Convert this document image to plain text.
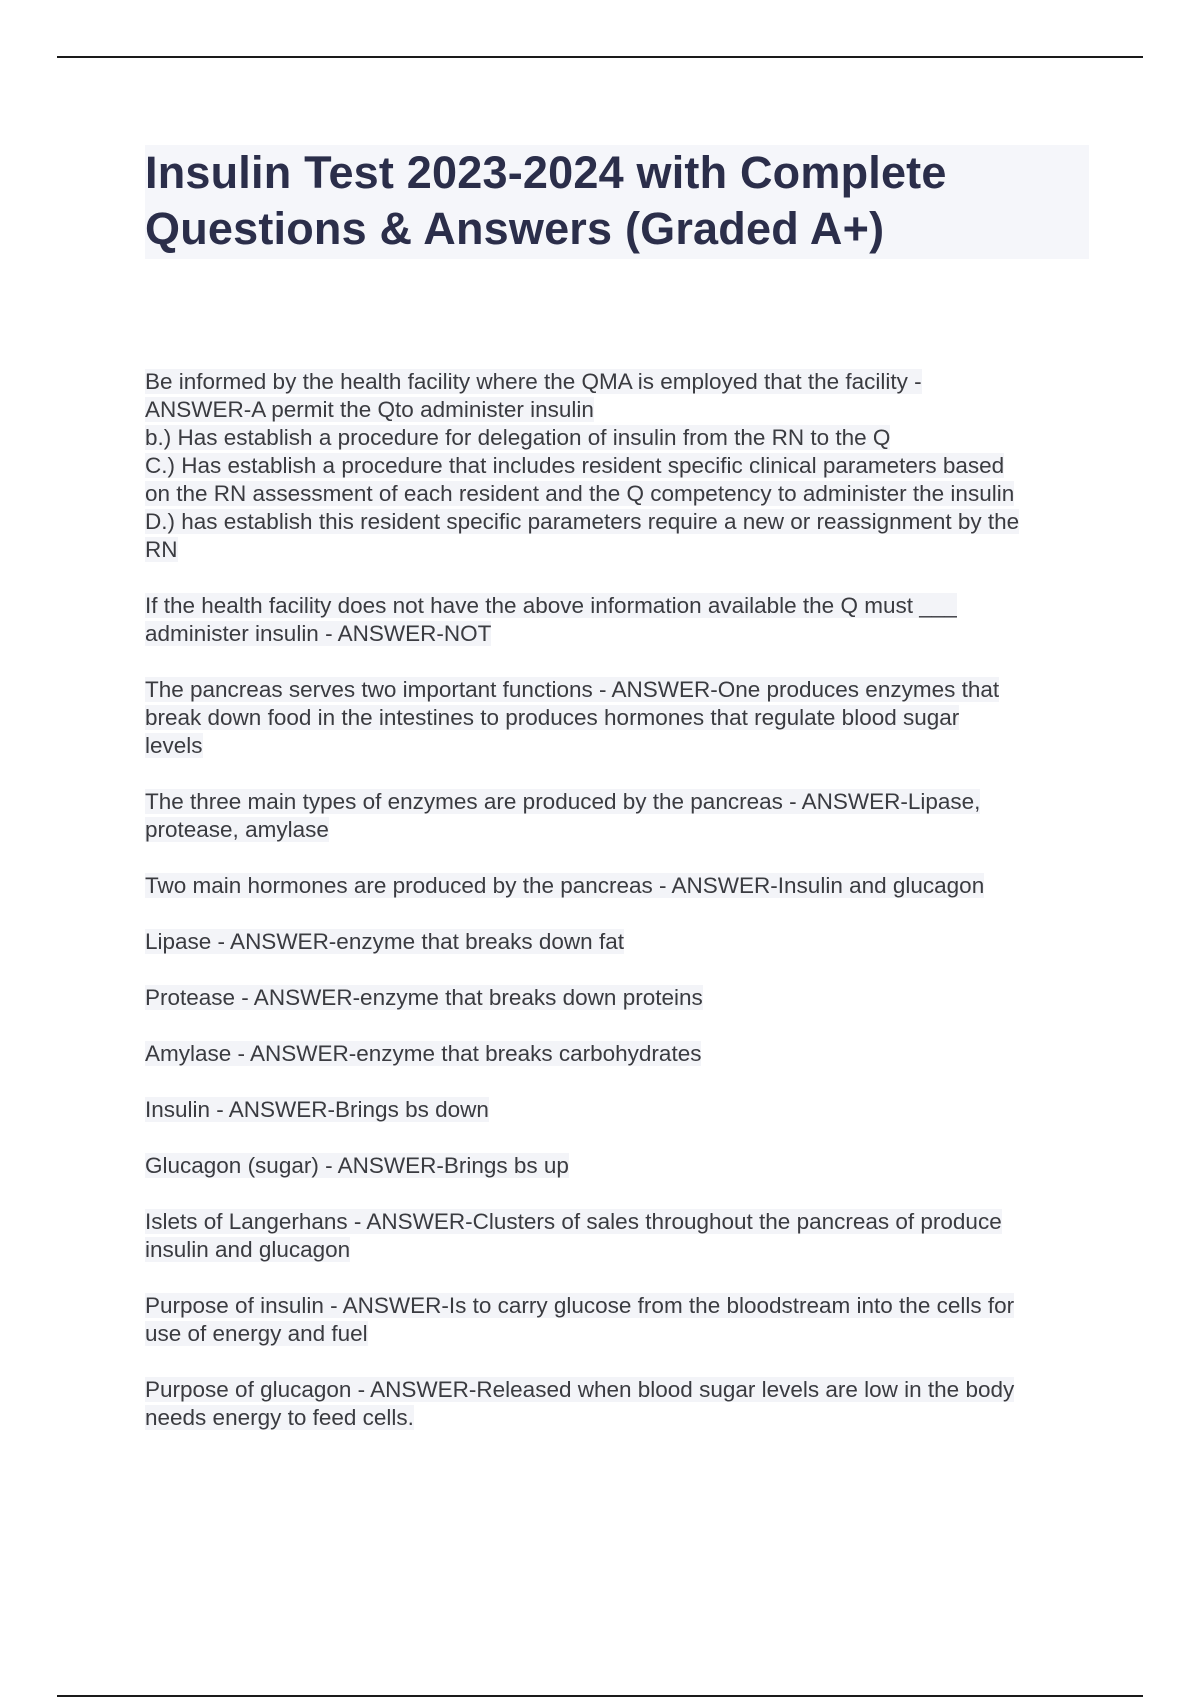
Insulin Test 2023-2024 with Complete Questions & Answers (Graded A+)
Be informed by the health facility where the QMA is employed that the facility -
ANSWER-A permit the Qto administer insulin
b.) Has establish a procedure for delegation of insulin from the RN to the Q
C.) Has establish a procedure that includes resident specific clinical parameters based
on the RN assessment of each resident and the Q competency to administer the insulin
D.) has establish this resident specific parameters require a new or reassignment by the
RN
If the health facility does not have the above information available the Q must ___
administer insulin - ANSWER-NOT
The pancreas serves two important functions - ANSWER-One produces enzymes that
break down food in the intestines to produces hormones that regulate blood sugar
levels
The three main types of enzymes are produced by the pancreas - ANSWER-Lipase,
protease, amylase
Two main hormones are produced by the pancreas - ANSWER-Insulin and glucagon
Lipase - ANSWER-enzyme that breaks down fat
Protease - ANSWER-enzyme that breaks down proteins
Amylase - ANSWER-enzyme that breaks carbohydrates
Insulin - ANSWER-Brings bs down
Glucagon (sugar) - ANSWER-Brings bs up
Islets of Langerhans - ANSWER-Clusters of sales throughout the pancreas of produce
insulin and glucagon
Purpose of insulin - ANSWER-Is to carry glucose from the bloodstream into the cells for
use of energy and fuel
Purpose of glucagon - ANSWER-Released when blood sugar levels are low in the body
needs energy to feed cells.
